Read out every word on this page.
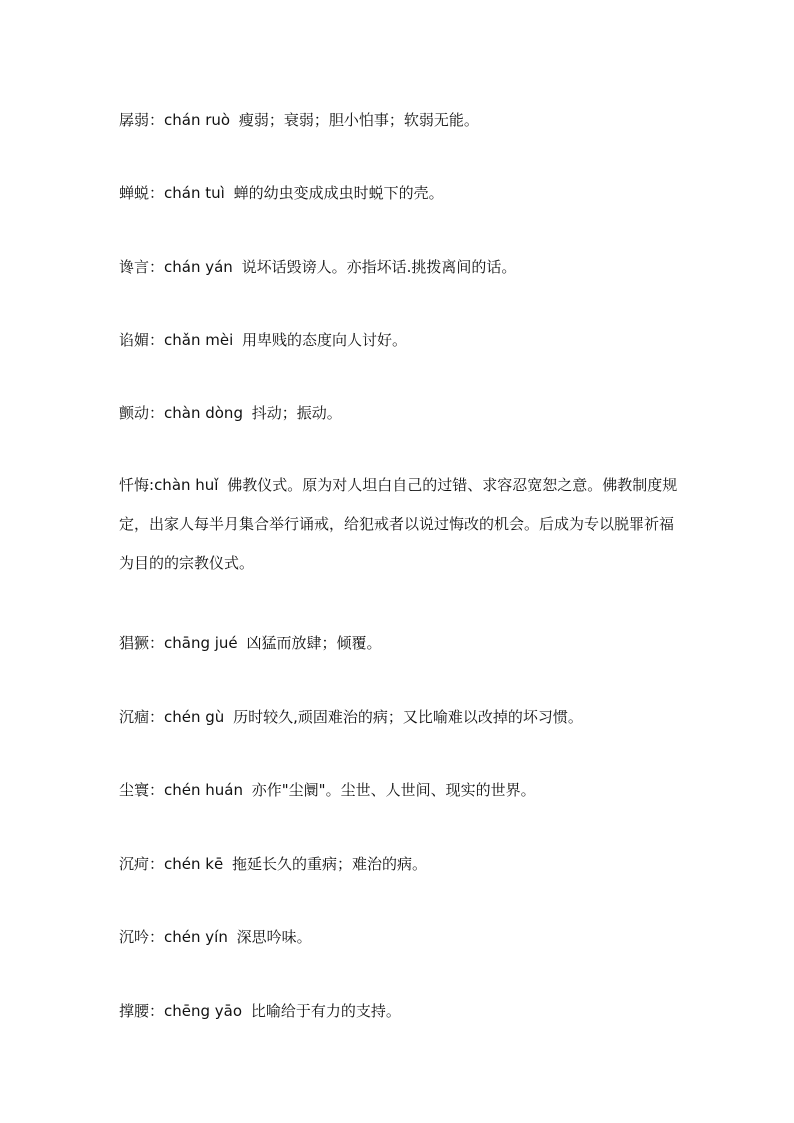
孱弱：chán ruò 瘦弱；衰弱；胆小怕事；软弱无能。
蝉蜕：chán tuì 蝉的幼虫变成成虫时蜕下的壳。
谗言：chán yán 说坏话毁谤人。亦指坏话.挑拨离间的话。
谄媚：chǎn mèi 用卑贱的态度向人讨好。
颤动：chàn dòng 抖动；振动。
忏悔:chàn huǐ 佛教仪式。原为对人坦白自己的过错、求容忍宽恕之意。佛教制度规定，出家人每半月集合举行诵戒，给犯戒者以说过悔改的机会。后成为专以脱罪祈福为目的的宗教仪式。
猖獗：chāng jué 凶猛而放肆；倾覆。
沉痼：chén gù 历时较久,顽固难治的病；又比喻难以改掉的坏习惯。
尘寰：chén huán 亦作"尘阛"。尘世、人世间、现实的世界。
沉疴：chén kē 拖延长久的重病；难治的病。
沉吟：chén yín 深思吟味。
撑腰：chēng yāo 比喻给于有力的支持。
